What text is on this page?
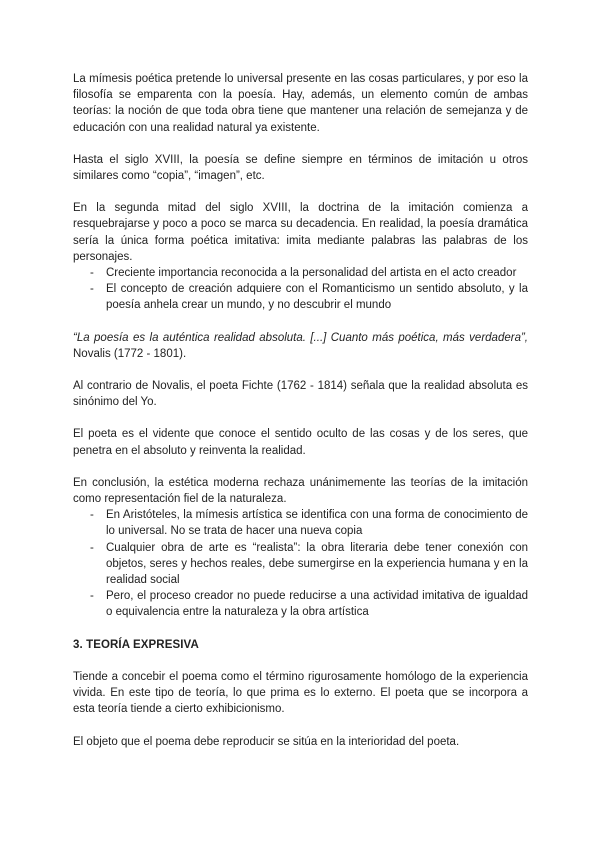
La mímesis poética pretende lo universal presente en las cosas particulares, y por eso la filosofía se emparenta con la poesía. Hay, además, un elemento común de ambas teorías: la noción de que toda obra tiene que mantener una relación de semejanza y de educación con una realidad natural ya existente.

Hasta el siglo XVIII, la poesía se define siempre en términos de imitación u otros similares como “copia”, “imagen”, etc.

En la segunda mitad del siglo XVIII, la doctrina de la imitación comienza a resquebrajarse y poco a poco se marca su decadencia. En realidad, la poesía dramática sería la única forma poética imitativa: imita mediante palabras las palabras de los personajes.

- Creciente importancia reconocida a la personalidad del artista en el acto creador
- El concepto de creación adquiere con el Romanticismo un sentido absoluto, y la poesía anhela crear un mundo, y no descubrir el mundo

“La poesía es la auténtica realidad absoluta. [...] Cuanto más poética, más verdadera”, Novalis (1772 - 1801).

Al contrario de Novalis, el poeta Fichte (1762 - 1814) señala que la realidad absoluta es sinónimo del Yo.

El poeta es el vidente que conoce el sentido oculto de las cosas y de los seres, que penetra en el absoluto y reinventa la realidad.

En conclusión, la estética moderna rechaza unánimemente las teorías de la imitación como representación fiel de la naturaleza.

- En Aristóteles, la mímesis artística se identifica con una forma de conocimiento de lo universal. No se trata de hacer una nueva copia
- Cualquier obra de arte es “realista”: la obra literaria debe tener conexión con objetos, seres y hechos reales, debe sumergirse en la experiencia humana y en la realidad social
- Pero, el proceso creador no puede reducirse a una actividad imitativa de igualdad o equivalencia entre la naturaleza y la obra artística
3. TEORÍA EXPRESIVA

Tiende a concebir el poema como el término rigurosamente homólogo de la experiencia vivida. En este tipo de teoría, lo que prima es lo externo. El poeta que se incorpora a esta teoría tiende a cierto exhibicionismo.

El objeto que el poema debe reproducir se sitúa en la interioridad del poeta.
